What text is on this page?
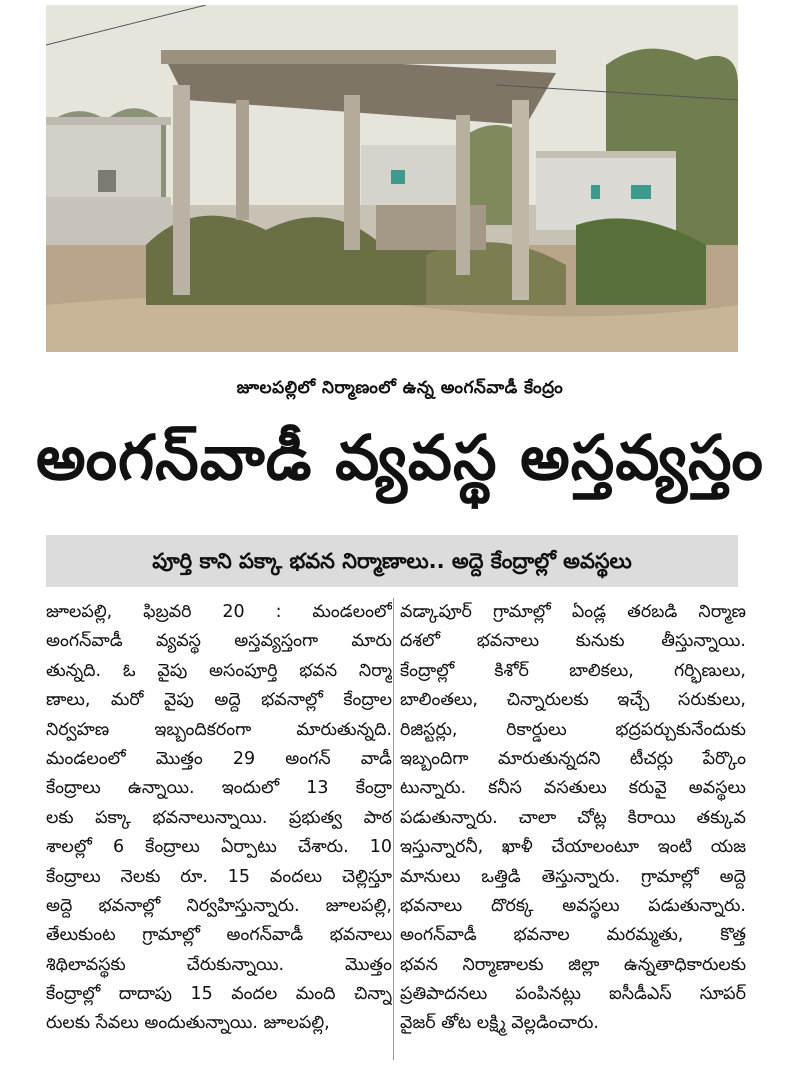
జూలపల్లిలో నిర్మాణంలో ఉన్న అంగన్‌వాడీ కేంద్రం
అంగన్‌వాడీ వ్యవస్థ అస్తవ్యస్తం
పూర్తి కాని పక్కా భవన నిర్మాణాలు.. అద్దె కేంద్రాల్లో అవస్థలు
జూలపల్లి, ఫిబ్రవరి 20 : మండలంలో
అంగన్‌వాడీ వ్యవస్థ అస్తవ్యస్తంగా మారు
తున్నది. ఓ వైపు అసంపూర్తి భవన నిర్మా
ణాలు, మరో వైపు అద్దె భవనాల్లో కేంద్రాల
నిర్వహణ ఇబ్బందికరంగా మారుతున్నది.
మండలంలో మొత్తం 29 అంగన్ వాడీ
కేంద్రాలు ఉన్నాయి. ఇందులో 13 కేంద్రా
లకు పక్కా భవనాలున్నాయి. ప్రభుత్వ పాఠ
శాలల్లో 6 కేంద్రాలు ఏర్పాటు చేశారు. 10
కేంద్రాలు నెలకు రూ. 15 వందలు చెల్లిస్తూ
అద్దె భవనాల్లో నిర్వహిస్తున్నారు. జూలపల్లి,
తేలుకుంట గ్రామాల్లో అంగన్‌వాడీ భవనాలు
శిథిలావస్థకు చేరుకున్నాయి. మొత్తం
కేంద్రాల్లో దాదాపు 15 వందల మంది చిన్నా
రులకు సేవలు అందుతున్నాయి. జూలపల్లి,
వడ్కాపూర్ గ్రామాల్లో ఏండ్ల తరబడి నిర్మాణ
దశలో భవనాలు కునుకు తీస్తున్నాయి.
కేంద్రాల్లో కిశోర్ బాలికలు, గర్భిణులు,
బాలింతలు, చిన్నారులకు ఇచ్చే సరుకులు,
రిజిస్టర్లు, రికార్డులు భద్రపర్చుకునేందుకు
ఇబ్బందిగా మారుతున్నదని టీచర్లు పేర్కొం
టున్నారు. కనీస వసతులు కరువై అవస్థలు
పడుతున్నారు. చాలా చోట్ల కిరాయి తక్కువ
ఇస్తున్నారనీ, ఖాళీ చేయాలంటూ ఇంటి యజ
మానులు ఒత్తిడి తెస్తున్నారు. గ్రామాల్లో అద్దె
భవనాలు దొరక్క అవస్థలు పడుతున్నారు.
అంగన్‌వాడీ భవనాల మరమ్మతు, కొత్త
భవన నిర్మాణాలకు జిల్లా ఉన్నతాధికారులకు
ప్రతిపాదనలు పంపినట్లు ఐసీడీఎస్ సూపర్
వైజర్ తోట లక్ష్మి వెల్లడించారు.
